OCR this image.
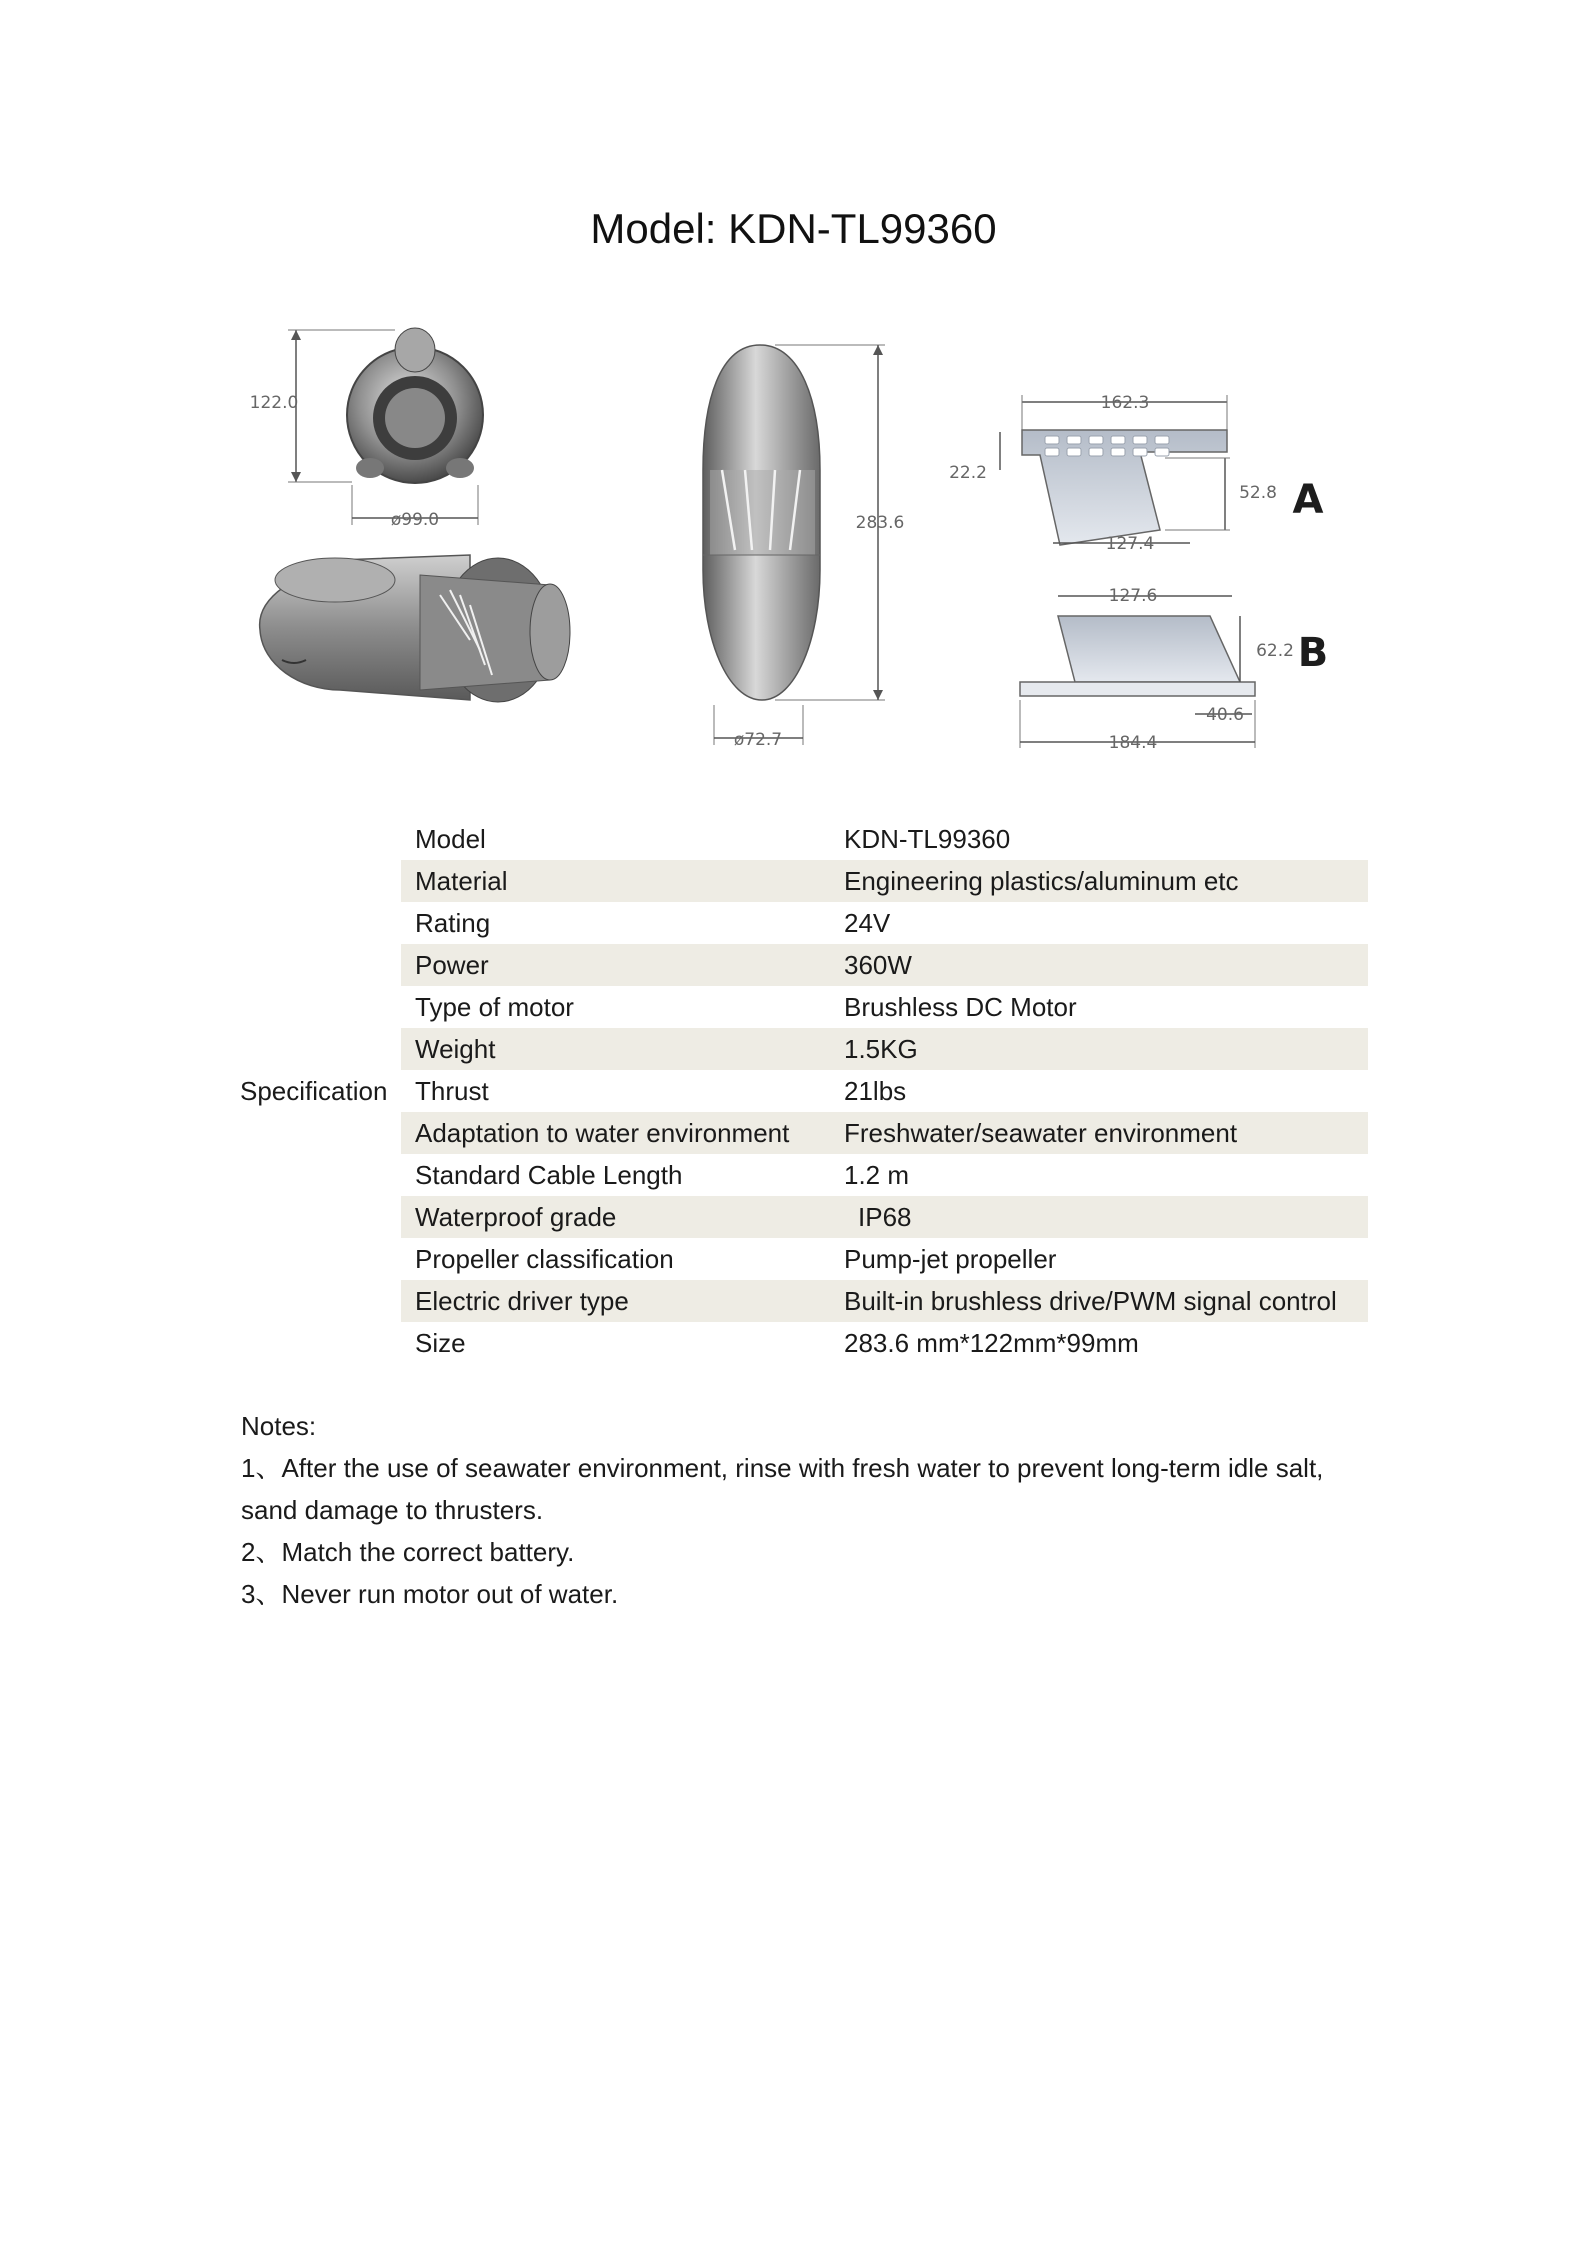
Model: KDN-TL99360
122.0
ø99.0	283.6
ø72.7
162.3
22.2
52.8
127.4
A
127.6
62.2
40.6
184.4
B
Specification
Model	KDN-TL99360
Material	Engineering plastics/aluminum etc
Rating	24V
Power	360W
Type of motor	Brushless DC Motor
Weight	1.5KG
Thrust	21lbs
Adaptation to water environment	Freshwater/seawater environment
Standard Cable Length	1.2 m
Waterproof grade	IP68
Propeller classification	Pump-jet propeller
Electric driver type	Built-in brushless drive/PWM signal control
Size	283.6 mm*122mm*99mm

Notes:

1、After the use of seawater environment, rinse with fresh water to prevent long-term idle salt, sand damage to thrusters.

2、Match the correct battery.

3、Never run motor out of water.
